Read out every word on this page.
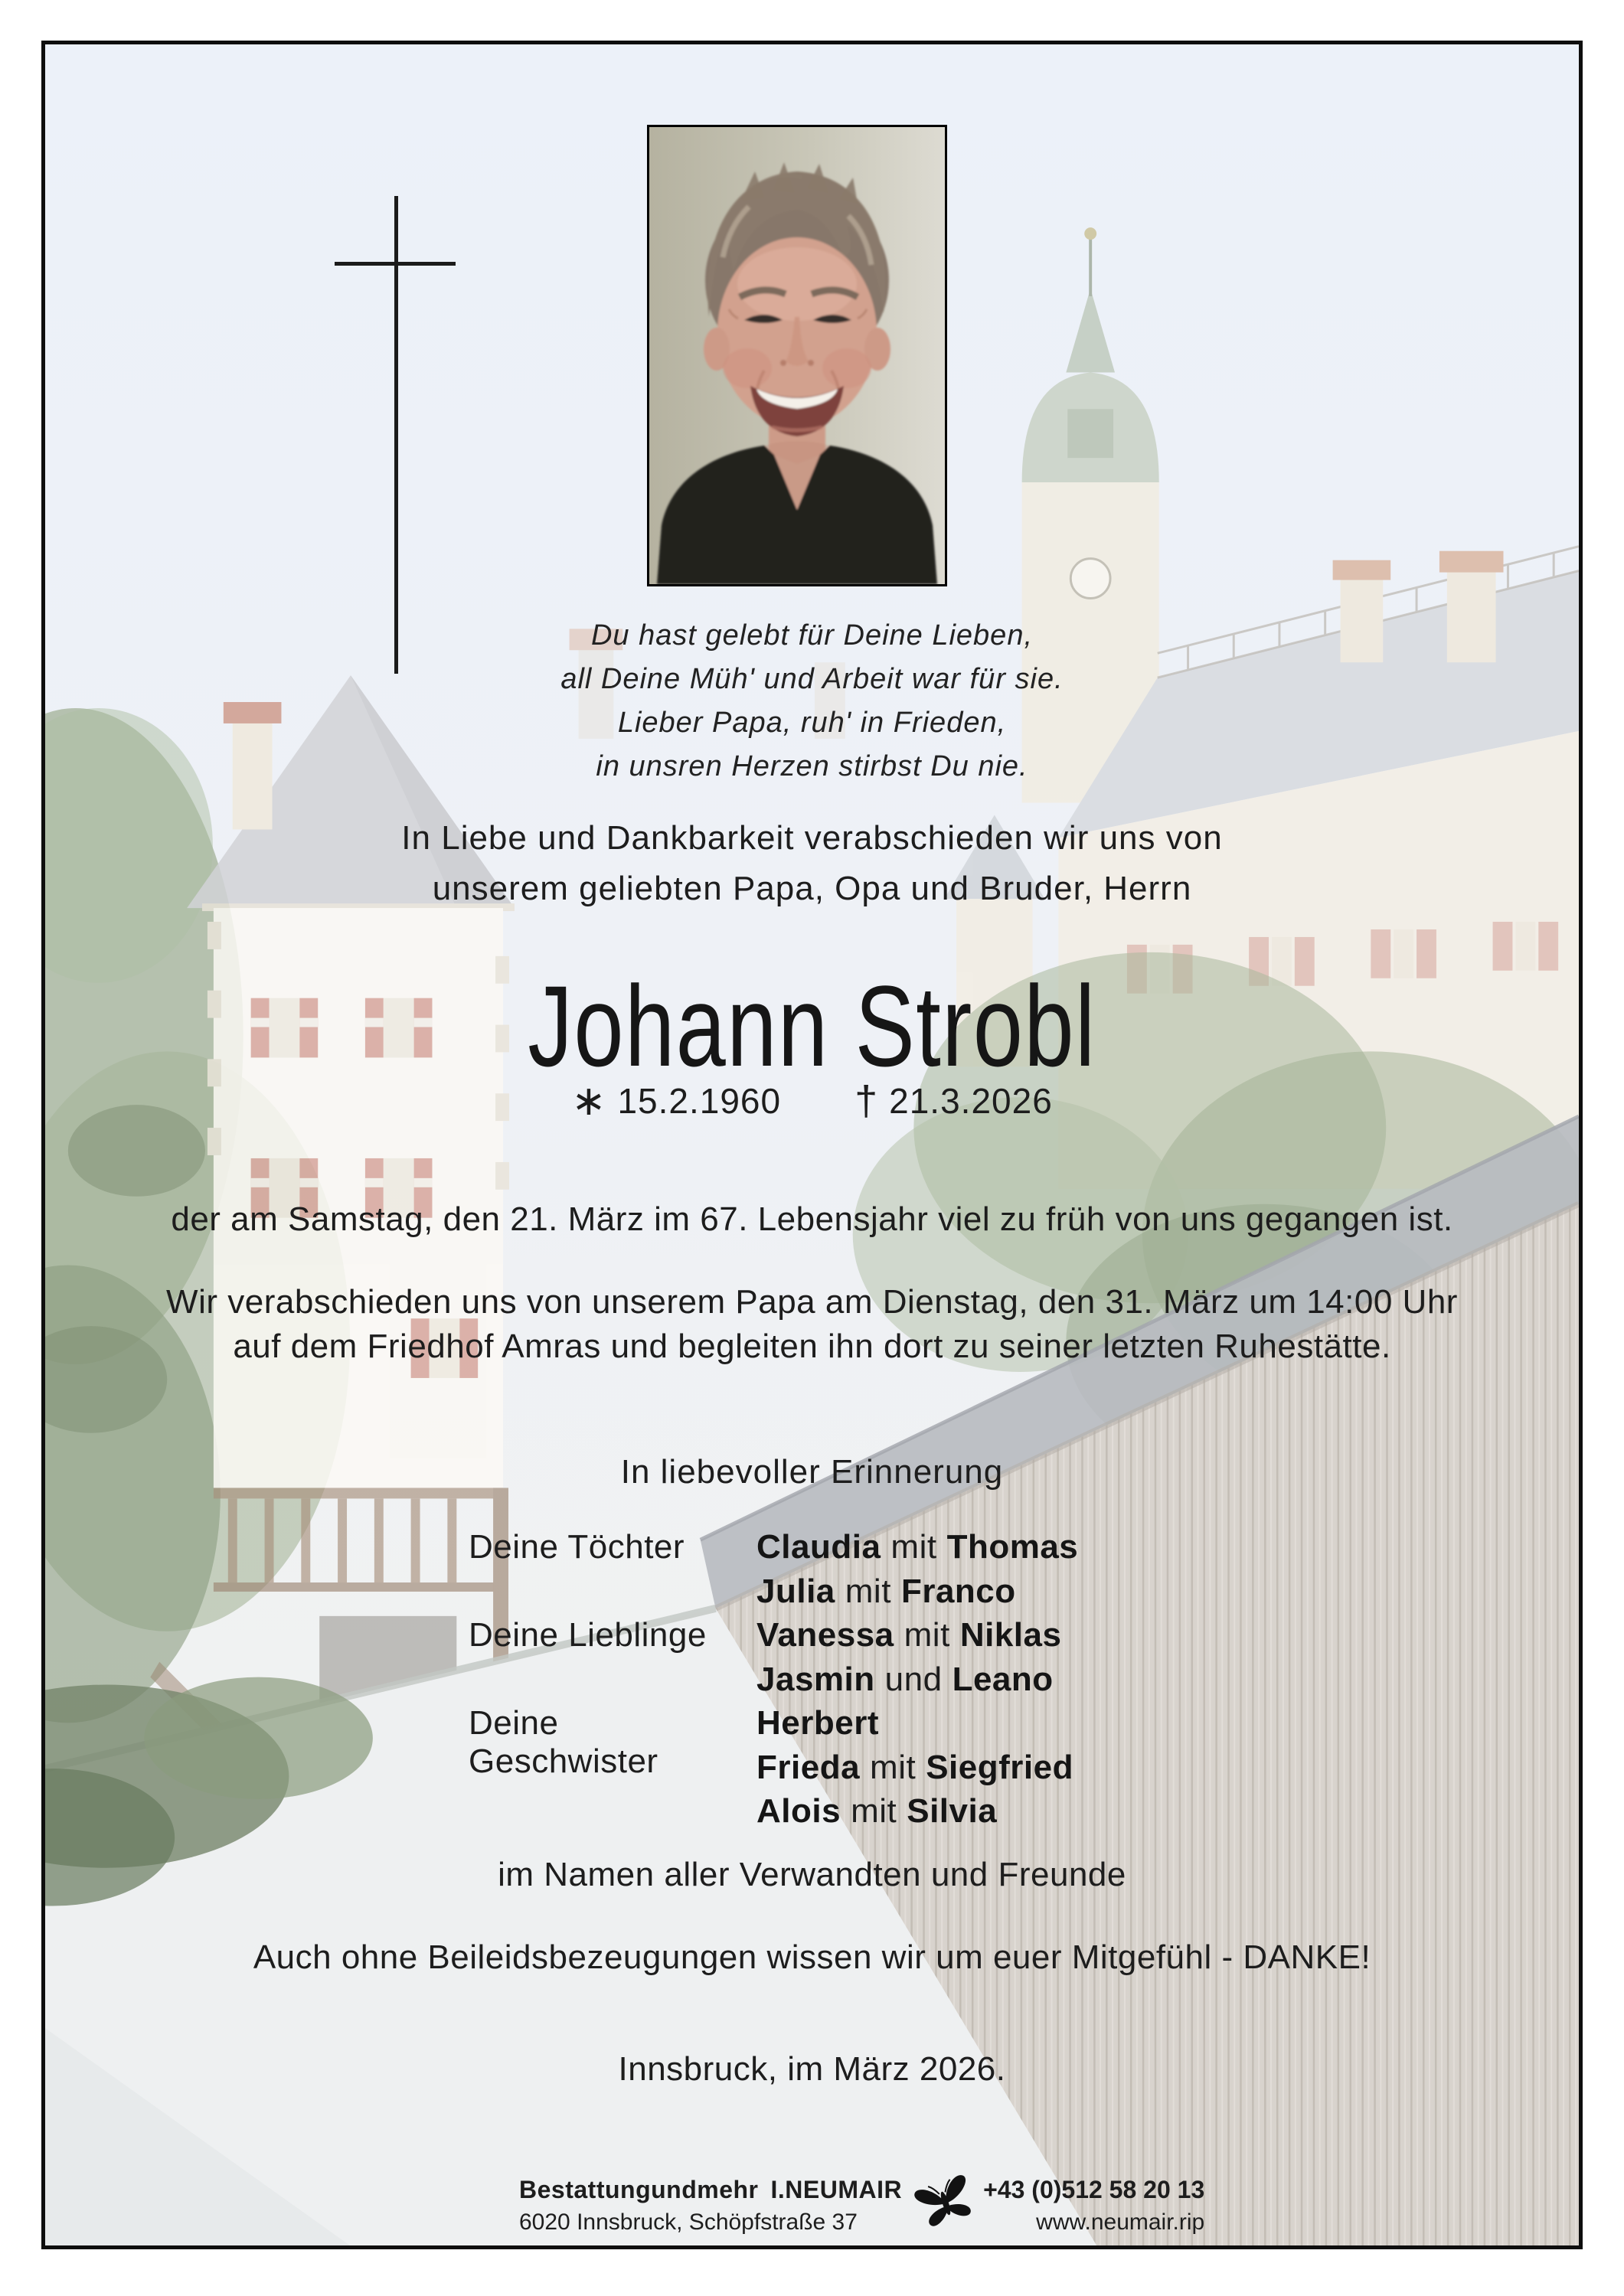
Du hast gelebt für Deine Lieben,
all Deine Müh' und Arbeit war für sie.
Lieber Papa, ruh' in Frieden,
in unsren Herzen stirbst Du nie.
In Liebe und Dankbarkeit verabschieden wir uns von
unserem geliebten Papa, Opa und Bruder, Herrn
Johann Strobl
∗ 15.2.1960 † 21.3.2026
der am Samstag, den 21. März im 67. Lebensjahr viel zu früh von uns gegangen ist.
Wir verabschieden uns von unserem Papa am Dienstag, den 31. März um 14:00 Uhr
auf dem Friedhof Amras und begleiten ihn dort zu seiner letzten Ruhestätte.
In liebevoller Erinnerung
Deine Töchter	Claudia mit Thomas
Julia mit Franco
Deine Lieblinge	Vanessa mit Niklas
Jasmin und Leano
Deine Geschwister
Herbert
Frieda mit Siegfried
Alois mit Silvia
im Namen aller Verwandten und Freunde
Auch ohne Beileidsbezeugungen wissen wir um euer Mitgefühl - DANKE!
Innsbruck, im März 2026.
Bestattungundmehr I.NEUMAIR
6020 Innsbruck, Schöpfstraße 37
+43 (0)512 58 20 13
www.neumair.rip
